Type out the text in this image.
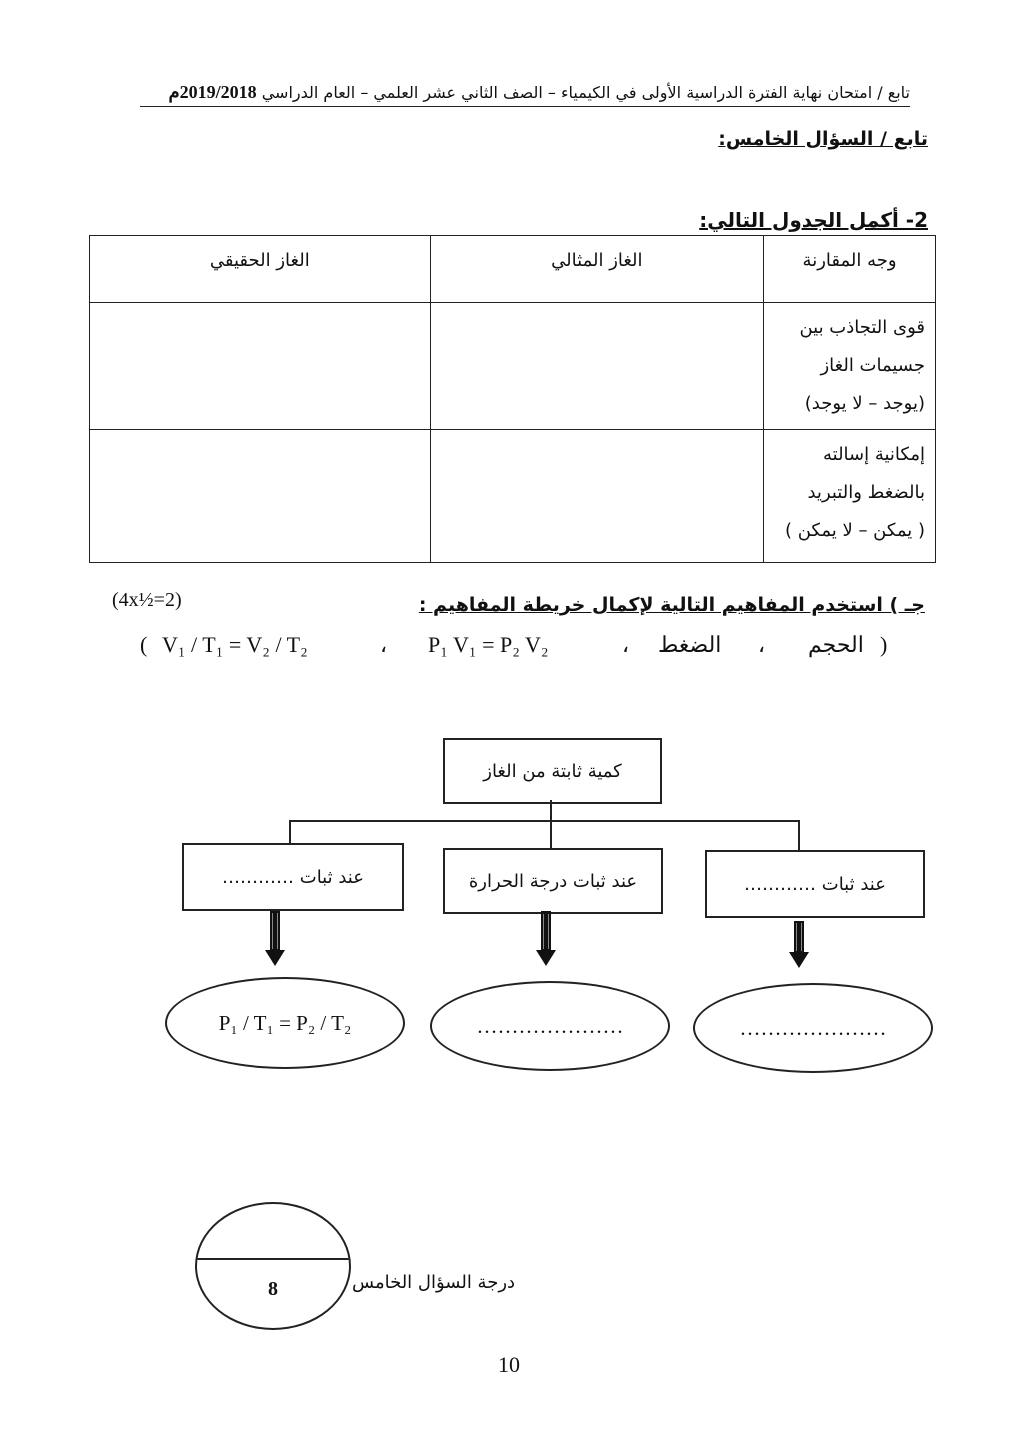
تابع / امتحان نهاية الفترة الدراسية الأولى في الكيمياء – الصف الثاني عشر العلمي – العام الدراسي 2019/2018م
تابع / السؤال الخامس:
2- أكمل الجدول التالي:
وجه المقارنة	الغاز المثالي	الغاز الحقيقي

قوى التجاذب بين
جسيمات الغاز
(يوجد – لا يوجد)		

إمكانية إسالته
بالضغط والتبريد
( يمكن – لا يمكن )		

(4x½=2)	جـ ) استخدم المفاهيم التالية لإكمال خريطة المفاهيم :
( V₁ / T₁ = V₂ / T₂	، P₁ V₁ = P₂ V₂	، الضغط ، الحجم )
كمية ثابتة من الغاز
عند ثبات …………	عند ثبات درجة الحرارة	عند ثبات …………
P₁ / T₁ = P₂ / T₂	…………………	…………………
8	درجة السؤال الخامس
10
